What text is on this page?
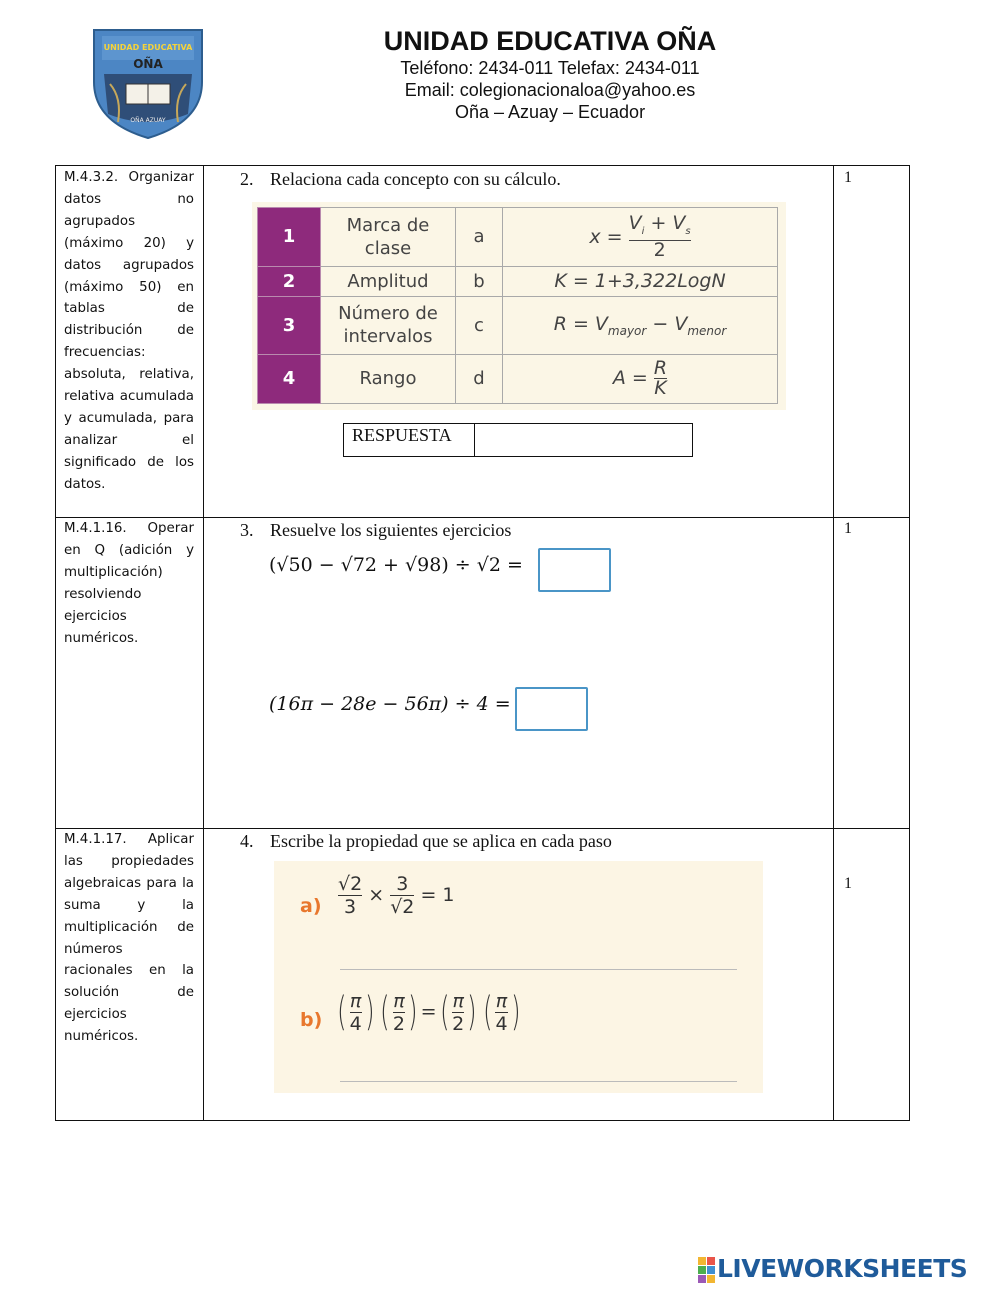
UNIDAD EDUCATIVA
OÑA
OÑA AZUAY
UNIDAD EDUCATIVA OÑA
Teléfono: 2434-011 Telefax: 2434-011
Email: colegionacionaloa@yahoo.es
Oña – Azuay – Ecuador
M.4.3.2. Organizar datos no agrupados (máximo 20) y datos agrupados (máximo 50) en tablas de distribución de frecuencias: absoluta, relativa, relativa acumulada y acumulada, para analizar el significado de los datos.
2. Relaciona cada concepto con su cálculo.	1
1	Marca de clase	a	$x = \frac{V_i + V_s}{2}$

2	Amplitud	b	K = 1+3,322LogN
3	Número de intervalos	c	$R = V_{mayor} - V_{menor}$
4	Rango	d	$A = \frac{R}{K}$
RESPUESTA
M.4.1.16. Operar en Q (adición y multiplicación) resolviendo ejercicios numéricos.
3. Resuelve los siguientes ejercicios	1
(√50 − √72 + √98) ÷ √2 =
(16π − 28e − 56π) ÷ 4 =
M.4.1.17. Aplicar las propiedades algebraicas para la suma y la multiplicación de números racionales en la solución de ejercicios numéricos.
4. Escribe la propiedad que se aplica en cada paso
1
$a) \frac{√2}{3} \times \frac{3}{√2} = 1$
b) ( $\frac{\pi}{4}$ ) ( $\frac{\pi}{2}$ ) =( $\frac{\pi}{2}$ ) ( $\frac{\pi}{4}$ )
LIVEWORKSHEETS
